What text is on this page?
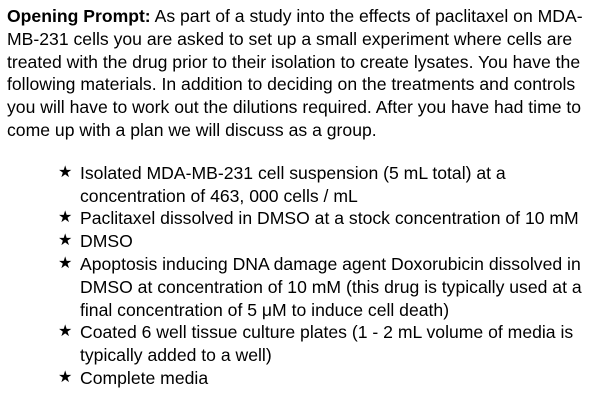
Opening Prompt: As part of a study into the effects of paclitaxel on MDA-MB-231 cells you are asked to set up a small experiment where cells are treated with the drug prior to their isolation to create lysates. You have the following materials. In addition to deciding on the treatments and controls you will have to work out the dilutions required. After you have had time to come up with a plan we will discuss as a group.

★ Isolated MDA-MB-231 cell suspension (5 mL total) at a concentration of 463, 000 cells / mL
★ Paclitaxel dissolved in DMSO at a stock concentration of 10 mM
★ DMSO
★ Apoptosis inducing DNA damage agent Doxorubicin dissolved in DMSO at concentration of 10 mM (this drug is typically used at a final concentration of 5 μM to induce cell death)
★ Coated 6 well tissue culture plates (1 - 2 mL volume of media is typically added to a well)
★ Complete media
